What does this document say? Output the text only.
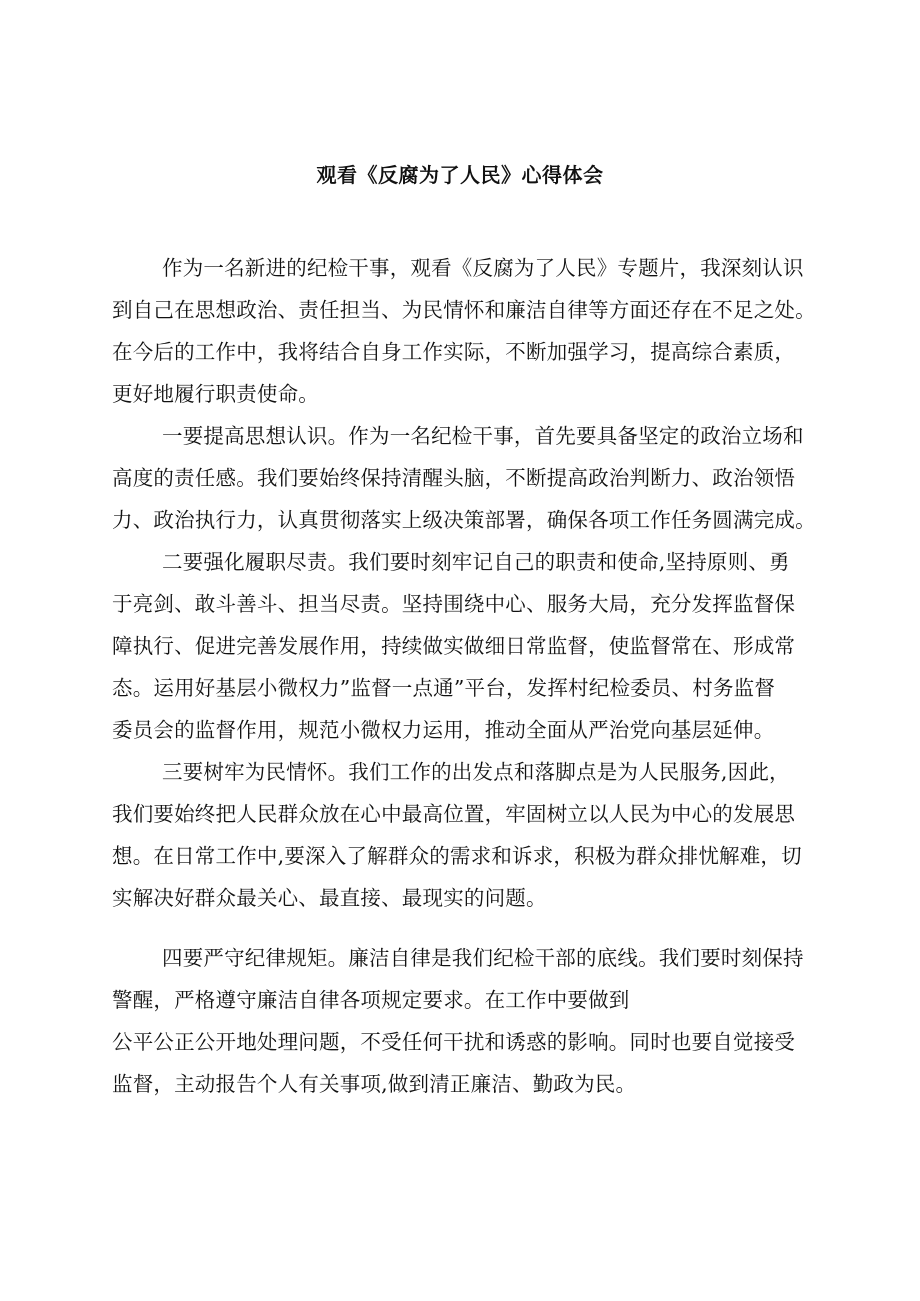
观看《反腐为了人民》心得体会
作为一名新进的纪检干事，观看《反腐为了人民》专题片，我深刻认识
到自己在思想政治、责任担当、为民情怀和廉洁自律等方面还存在不足之处。
在今后的工作中，我将结合自身工作实际，不断加强学习，提高综合素质，
更好地履行职责使命。
一要提高思想认识。作为一名纪检干事，首先要具备坚定的政治立场和
高度的责任感。我们要始终保持清醒头脑，不断提高政治判断力、政治领悟
力、政治执行力，认真贯彻落实上级决策部署，确保各项工作任务圆满完成。
二要强化履职尽责。我们要时刻牢记自己的职责和使命,坚持原则、勇
于亮剑、敢斗善斗、担当尽责。坚持围绕中心、服务大局，充分发挥监督保
障执行、促进完善发展作用，持续做实做细日常监督，使监督常在、形成常
态。运用好基层小微权力”监督一点通”平台，发挥村纪检委员、村务监督
委员会的监督作用，规范小微权力运用，推动全面从严治党向基层延伸。
三要树牢为民情怀。我们工作的出发点和落脚点是为人民服务,因此，
我们要始终把人民群众放在心中最高位置，牢固树立以人民为中心的发展思
想。在日常工作中,要深入了解群众的需求和诉求，积极为群众排忧解难，切
实解决好群众最关心、最直接、最现实的问题。
四要严守纪律规矩。廉洁自律是我们纪检干部的底线。我们要时刻保持
警醒，严格遵守廉洁自律各项规定要求。在工作中要做到
公平公正公开地处理问题，不受任何干扰和诱惑的影响。同时也要自觉接受
监督，主动报告个人有关事项,做到清正廉洁、勤政为民。
